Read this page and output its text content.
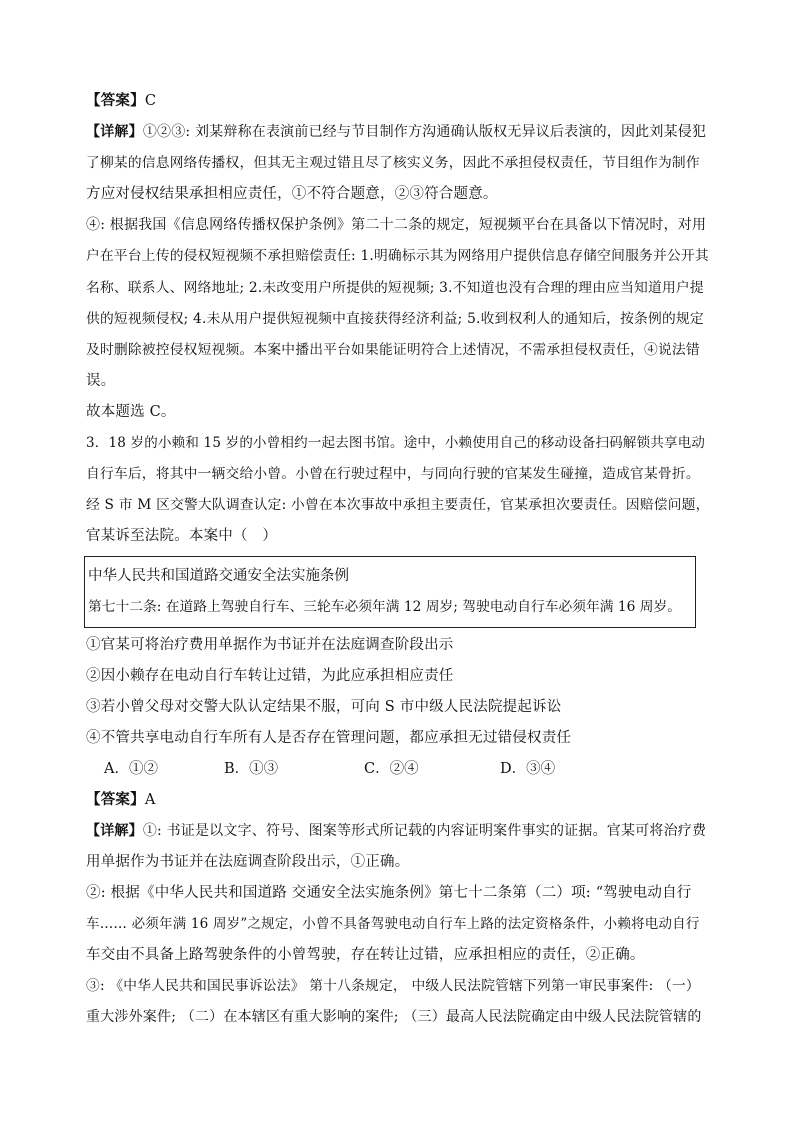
【答案】C
【详解】①②③: 刘某辩称在表演前已经与节目制作方沟通确认版权无异议后表演的，因此刘某侵犯
了柳某的信息网络传播权，但其无主观过错且尽了核实义务，因此不承担侵权责任，节目组作为制作
方应对侵权结果承担相应责任，①不符合题意，②③符合题意。
④: 根据我国《信息网络传播权保护条例》第二十二条的规定，短视频平台在具备以下情况时，对用
户在平台上传的侵权短视频不承担赔偿责任: 1.明确标示其为网络用户提供信息存储空间服务并公开其
名称、联系人、网络地址; 2.未改变用户所提供的短视频; 3.不知道也没有合理的理由应当知道用户提
供的短视频侵权; 4.未从用户提供短视频中直接获得经济利益; 5.收到权利人的通知后，按条例的规定
及时删除被控侵权短视频。本案中播出平台如果能证明符合上述情况，不需承担侵权责任，④说法错
误。
故本题选 C。
3．18 岁的小赖和 15 岁的小曾相约一起去图书馆。途中，小赖使用自己的移动设备扫码解锁共享电动
自行车后，将其中一辆交给小曾。小曾在行驶过程中，与同向行驶的官某发生碰撞，造成官某骨折。
经 S 市 M 区交警大队调查认定: 小曾在本次事故中承担主要责任，官某承担次要责任。因赔偿问题，
官某诉至法院。本案中（　）
中华人民共和国道路交通安全法实施条例
第七十二条: 在道路上驾驶自行车、三轮车必须年满 12 周岁; 驾驶电动自行车必须年满 16 周岁。
①官某可将治疗费用单据作为书证并在法庭调查阶段出示
②因小赖存在电动自行车转让过错，为此应承担相应责任
③若小曾父母对交警大队认定结果不服，可向 S 市中级人民法院提起诉讼
④不管共享电动自行车所有人是否存在管理问题，都应承担无过错侵权责任
A．①②	B．①③	C．②④	D．③④
【答案】A
【详解】①: 书证是以文字、符号、图案等形式所记载的内容证明案件事实的证据。官某可将治疗费
用单据作为书证并在法庭调查阶段出示，①正确。
②: 根据《中华人民共和国道路 交通安全法实施条例》第七十二条第（二）项: “驾驶电动自行
车…… 必须年满 16 周岁”之规定，小曾不具备驾驶电动自行车上路的法定资格条件，小赖将电动自行
车交由不具备上路驾驶条件的小曾驾驶，存在转让过错，应承担相应的责任，②正确。
③: 《中华人民共和国民事诉讼法》 第十八条规定， 中级人民法院管辖下列第一审民事案件: （一）
重大涉外案件; （二）在本辖区有重大影响的案件; （三）最高人民法院确定由中级人民法院管辖的
